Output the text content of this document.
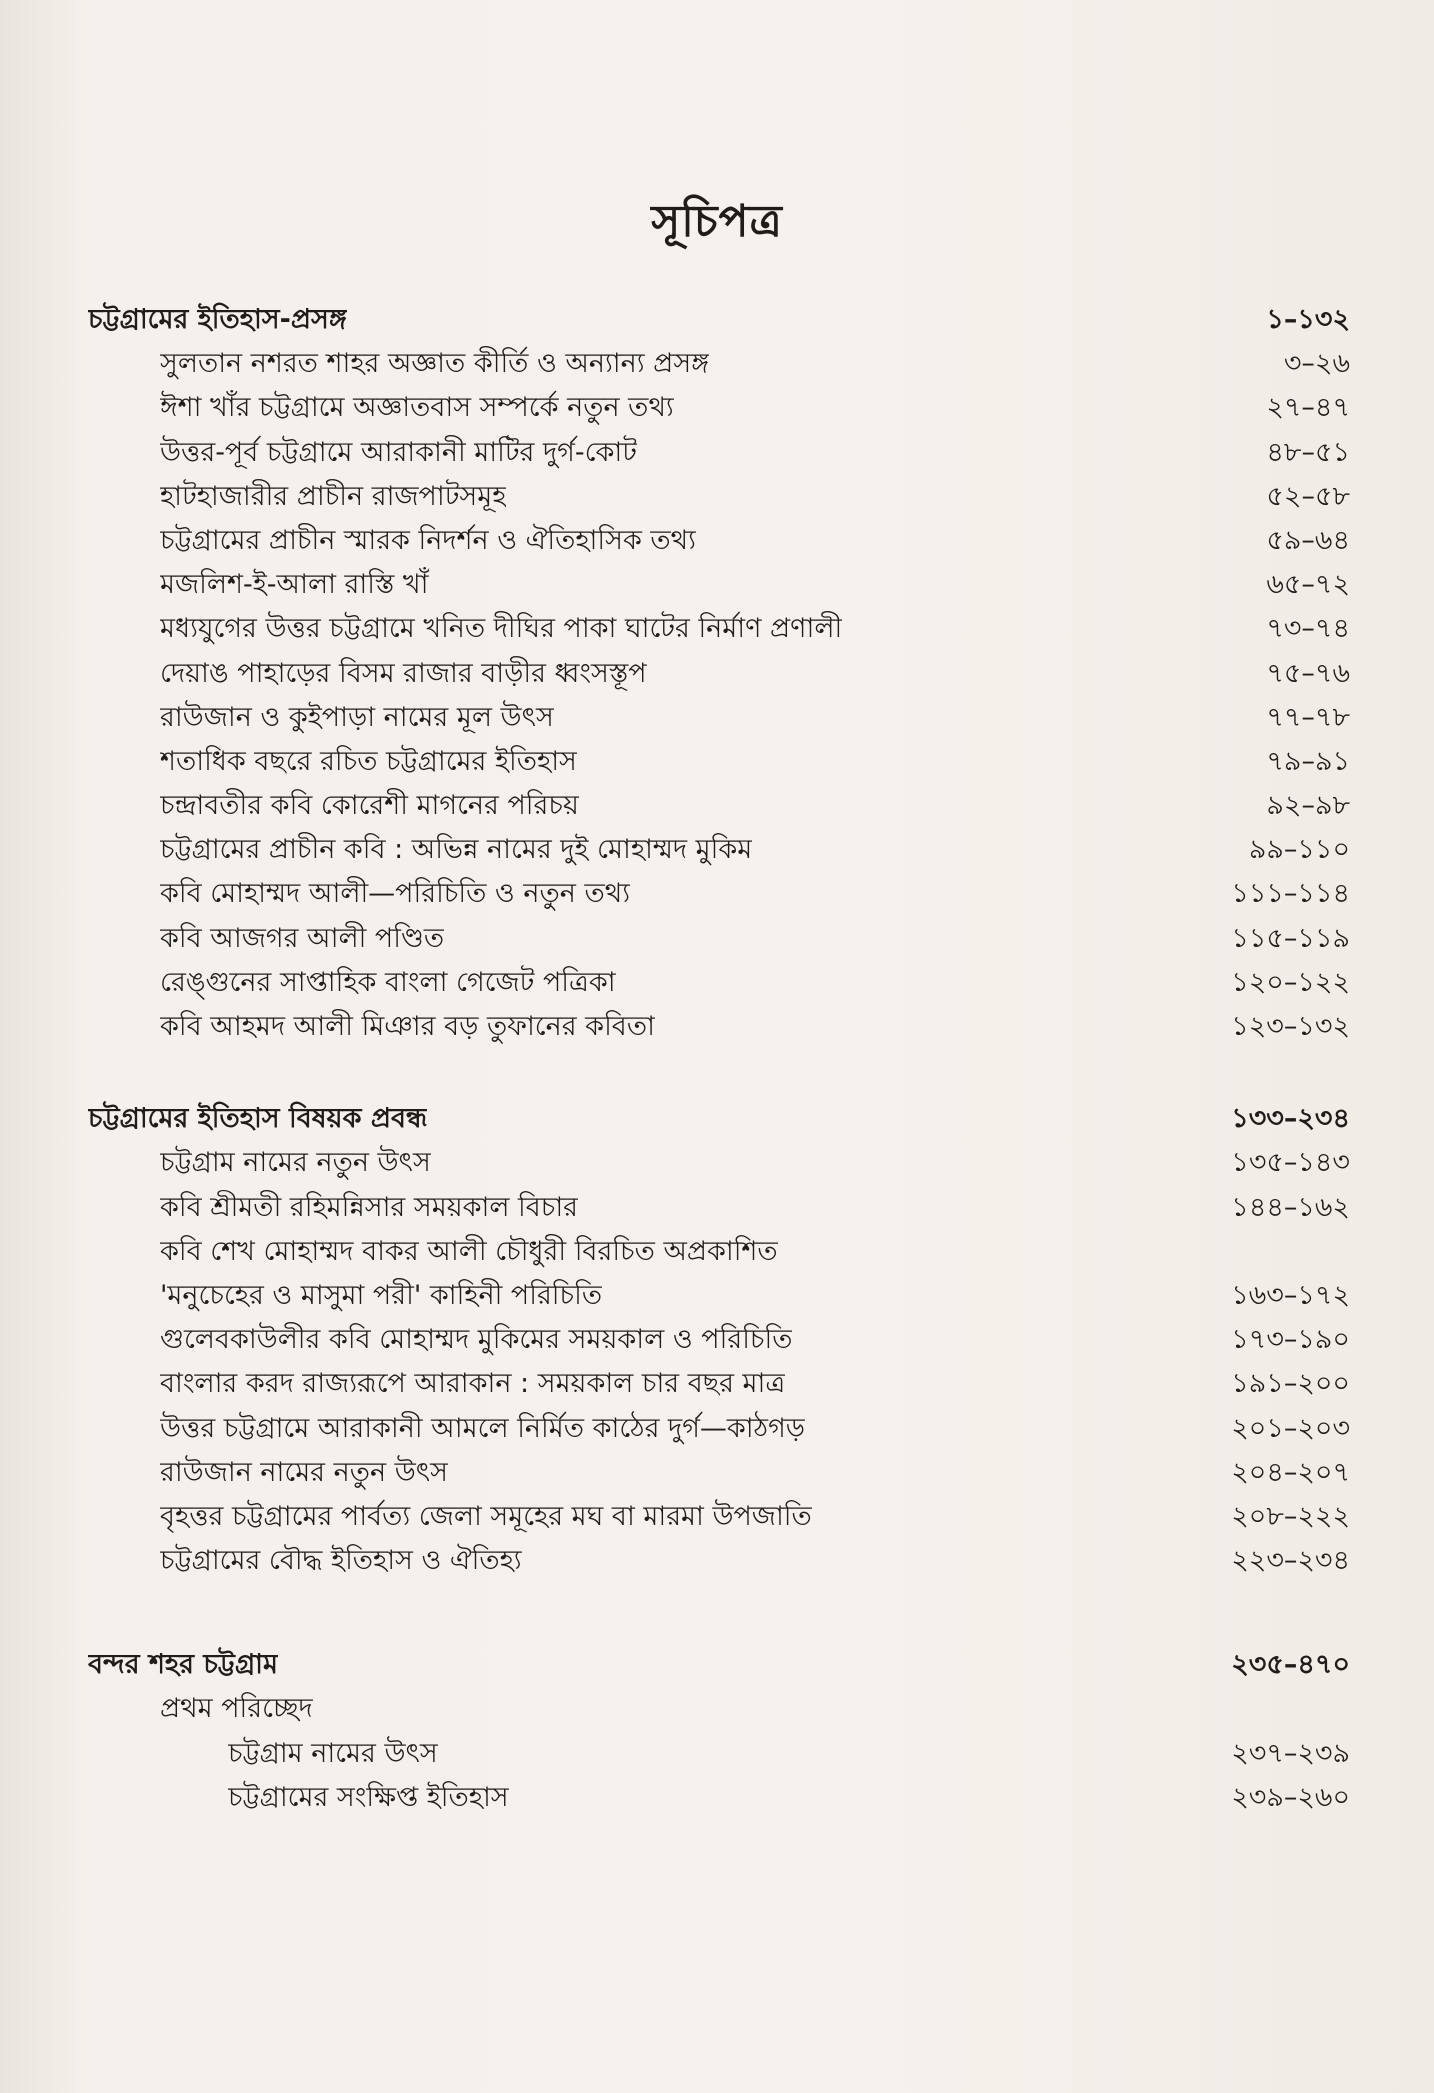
সূচিপত্র
চট্টগ্রামের ইতিহাস-প্রসঙ্গ	১–১৩২
সুলতান নশরত শাহর অজ্ঞাত কীর্তি ও অন্যান্য প্রসঙ্গ	৩–২৬
ঈশা খাঁর চট্টগ্রামে অজ্ঞাতবাস সম্পর্কে নতুন তথ্য	২৭–৪৭
উত্তর-পূর্ব চট্টগ্রামে আরাকানী মাটির দুর্গ-কোট	৪৮–৫১
হাটহাজারীর প্রাচীন রাজপাটসমূহ	৫২–৫৮
চট্টগ্রামের প্রাচীন স্মারক নিদর্শন ও ঐতিহাসিক তথ্য	৫৯–৬৪
মজলিশ-ই-আলা রাস্তি খাঁ	৬৫–৭২
মধ্যযুগের উত্তর চট্টগ্রামে খনিত দীঘির পাকা ঘাটের নির্মাণ প্রণালী	৭৩–৭৪
দেয়াঙ পাহাড়ের বিসম রাজার বাড়ীর ধ্বংসস্তূপ	৭৫–৭৬
রাউজান ও কুইপাড়া নামের মূল উৎস	৭৭–৭৮
শতাধিক বছরে রচিত চট্টগ্রামের ইতিহাস	৭৯–৯১
চন্দ্রাবতীর কবি কোরেশী মাগনের পরিচয়	৯২–৯৮
চট্টগ্রামের প্রাচীন কবি : অভিন্ন নামের দুই মোহাম্মদ মুকিম	৯৯–১১০
কবি মোহাম্মদ আলী—পরিচিতি ও নতুন তথ্য	১১১–১১৪
কবি আজগর আলী পণ্ডিত	১১৫–১১৯
রেঙ্গুনের সাপ্তাহিক বাংলা গেজেট পত্রিকা	১২০–১২২
কবি আহমদ আলী মিঞার বড় তুফানের কবিতা	১২৩–১৩২
চট্টগ্রামের ইতিহাস বিষয়ক প্রবন্ধ	১৩৩–২৩৪
চট্টগ্রাম নামের নতুন উৎস	১৩৫–১৪৩
কবি শ্রীমতী রহিমন্নিসার সময়কাল বিচার	১৪৪–১৬২
কবি শেখ মোহাম্মদ বাকর আলী চৌধুরী বিরচিত অপ্রকাশিত
'মনুচেহের ও মাসুমা পরী' কাহিনী পরিচিতি	১৬৩–১৭২
গুলেবকাউলীর কবি মোহাম্মদ মুকিমের সময়কাল ও পরিচিতি	১৭৩–১৯০
বাংলার করদ রাজ্যরূপে আরাকান : সময়কাল চার বছর মাত্র	১৯১–২০০
উত্তর চট্টগ্রামে আরাকানী আমলে নির্মিত কাঠের দুর্গ—কাঠগড়	২০১–২০৩
রাউজান নামের নতুন উৎস	২০৪–২০৭
বৃহত্তর চট্টগ্রামের পার্বত্য জেলা সমূহের মঘ বা মারমা উপজাতি	২০৮–২২২
চট্টগ্রামের বৌদ্ধ ইতিহাস ও ঐতিহ্য	২২৩–২৩৪
বন্দর শহর চট্টগ্রাম	২৩৫–৪৭০
প্রথম পরিচ্ছেদ
চট্টগ্রাম নামের উৎস	২৩৭–২৩৯
চট্টগ্রামের সংক্ষিপ্ত ইতিহাস	২৩৯–২৬০
